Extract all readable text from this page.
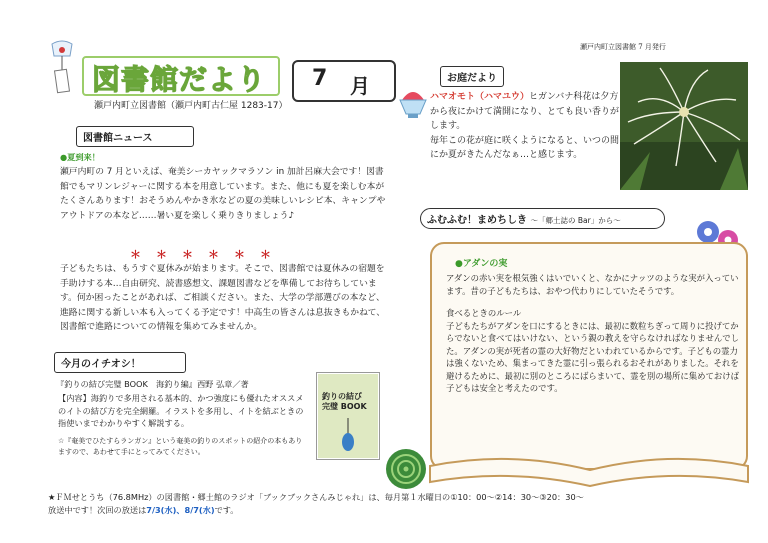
瀬戸内町立図書館 7 月発行
図書館だより 7 月
瀬戸内町立図書館（瀬戸内町古仁屋 1283-17）
図書館ニュース
●夏到来！
瀬戸内町の 7 月といえば、奄美シーカヤックマラソン in 加計呂麻大会です！図書館でもマリンレジャーに関する本を用意しています。また、他にも夏を楽しむ本がたくさんあります！おそうめんやかき氷などの夏の美味しいレシピ本、キャンプやアウトドアの本など……暑い夏を楽しく乗りきりましょう♪
＊　＊　＊　＊　＊　＊
子どもたちは、もうすぐ夏休みが始まります。そこで、図書館では夏休みの宿題を手助けする本…自由研究、読書感想文、課題図書などを準備してお待ちしています。何か困ったことがあれば、ご相談ください。また、大学の学部選びの本など、進路に関する新しい本も入ってくる予定です！中高生の皆さんは息抜きもかねて、図書館で進路についての情報を集めてみませんか。
今月のイチオシ！
『釣りの結び完璧 BOOK　海釣り編』西野 弘章／著
【内容】海釣りで多用される基本的、かつ強度にも優れたオススメのイトの結び方を完全網羅。イラストを多用し、イトを結ぶときの指使いまでわかりやすく解説する。
☆『奄美でひたすらランガン』という奄美の釣りのスポットの紹介の本もありますので、あわせて手にとってみてください。
釣りの結び
完璧 BOOK
お庭だより
ハマオモト（ハマユウ）ヒガンバナ科花は夕方から夜にかけて満開になり、とても良い香りがします。
毎年この花が庭に咲くようになると、いつの間にか夏がきたんだなぁ…と感じます。
ふむふむ！まめちしき ～「郷土誌の Bar」から～
●アダンの実
アダンの赤い実を根気強くはいでいくと、なかにナッツのような実が入っています。昔の子どもたちは、おやつ代わりにしていたそうです。
食べるときのルール
子どもたちがアダンを口にするときには、最初に数粒ちぎって周りに投げてからでないと食べてはいけない、という親の教えを守らなければなりませんでした。アダンの実が死者の霊の大好物だといわれているからです。子どもの霊力は強くないため、集まってきた霊に引っ張られるおそれがありました。それを避けるために、最初に別のところにばらまいて、霊を別の場所に集めておけば子どもは安全と考えたのです。
★ＦＭせとうち（76.8MHz）の図書館・郷土館のラジオ「ブックブックさんみじゃれ」は、毎月第１水曜日の①10：00～②14：30～③20：30～
放送中です！次回の放送は7/3(水)、8/7(水)です。
